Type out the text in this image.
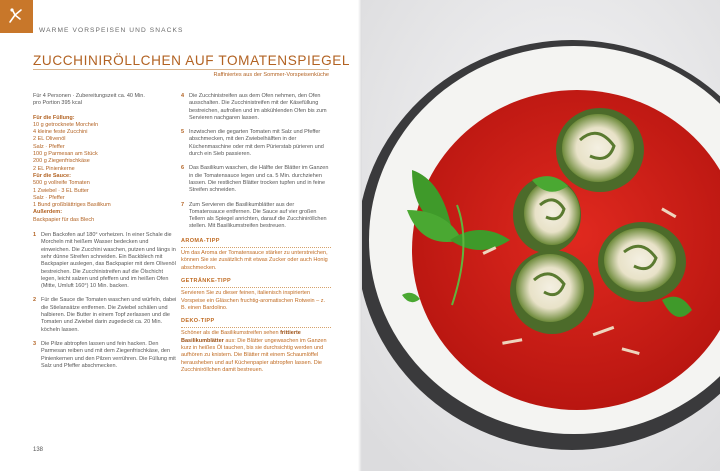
WARME VORSPEISEN UND SNACKS
ZUCCHINIRÖLLCHEN AUF TOMATENSPIEGEL
Raffiniertes aus der Sommer-Vorspeisenküche
Für 4 Personen · Zubereitungszeit ca. 40 Min.
pro Portion 395 kcal
Für die Füllung:
10 g getrocknete Morcheln
4 kleine feste Zucchini
2 EL Olivenöl
Salz · Pfeffer
100 g Parmesan am Stück
200 g Ziegenfrischkäse
2 EL Pinienkerne
Für die Sauce:
500 g vollreife Tomaten
1 Zwiebel · 3 EL Butter
Salz · Pfeffer
1 Bund großblättriges Basilikum
Außerdem:
Backpapier für das Blech
1 Den Backofen auf 180° vorheizen. In einer Schale die Morcheln mit heißem Wasser bedecken und einweichen. Die Zucchini waschen, putzen und längs in sehr dünne Streifen schneiden. Ein Backblech mit Backpapier auslegen, das Backpapier mit dem Olivenöl bestreichen. Die Zucchinistreifen auf die Ölschicht legen, leicht salzen und pfeffern und im heißen Ofen (Mitte, Umluft 160°) 10 Min. backen.
2 Für die Sauce die Tomaten waschen und würfeln, dabei die Stielansätze entfernen. Die Zwiebel schälen und halbieren. Die Butter in einem Topf zerlassen und die Tomaten und Zwiebel darin zugedeckt ca. 20 Min. köcheln lassen.
3 Die Pilze abtropfen lassen und fein hacken. Den Parmesan reiben und mit dem Ziegenfrischkäse, den Pinienkernen und den Pilzen verrühren. Die Füllung mit Salz und Pfeffer abschmecken.
4 Die Zucchinistreifen aus dem Ofen nehmen, den Ofen ausschalten. Die Zucchinistreifen mit der Käsefüllung bestreichen, aufrollen und im abkühlenden Ofen bis zum Servieren nachgaren lassen.
5 Inzwischen die gegarten Tomaten mit Salz und Pfeffer abschmecken, mit den Zwiebelhälften in der Küchenmaschine oder mit dem Pürierstab pürieren und durch ein Sieb passieren.
6 Das Basilikum waschen, die Hälfte der Blätter im Ganzen in die Tomatensauce legen und ca. 5 Min. durchziehen lassen. Die restlichen Blätter trocken tupfen und in feine Streifen schneiden.
7 Zum Servieren die Basilikumblätter aus der Tomatensauce entfernen. Die Sauce auf vier großen Tellern als Spiegel anrichten, darauf die Zucchiniröllchen stellen. Mit Basilikumstreifen bestreuen.
AROMA-TIPP
Um das Aroma der Tomatensauce stärker zu unterstreichen, können Sie sie zusätzlich mit etwas Zucker oder auch Honig abschmecken.
GETRÄNKE-TIPP
Servieren Sie zu dieser feinen, italienisch inspirierten Vorspeise ein Gläschen fruchtig-aromatischen Rotwein – z. B. einen Bardolino.
DEKO-TIPP
Schöner als die Basilikumstreifen sehen frittierte Basilikumblätter aus: Die Blätter ungewaschen im Ganzen kurz in heißes Öl tauchen, bis sie durchsichtig werden und aufhören zu knistern. Die Blätter mit einem Schaumlöffel herausheben und auf Küchenpapier abtropfen lassen. Die Zucchiniröllchen damit bestreuen.
138
